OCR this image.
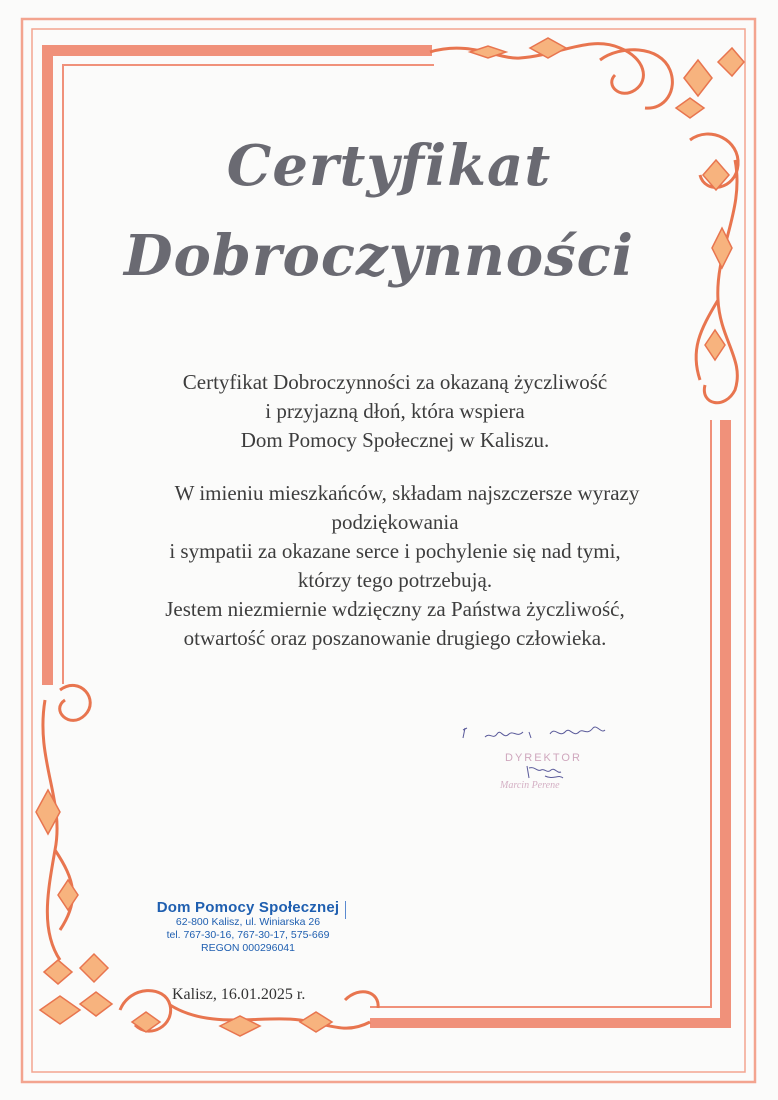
Certyfikat
Dobroczynności
Certyfikat Dobroczynności za okazaną życzliwość
i przyjazną dłoń, która wspiera
Dom Pomocy Społecznej w Kaliszu.
W imieniu mieszkańców, składam najszczersze wyrazy
podziękowania
i sympatii za okazane serce i pochylenie się nad tymi,
którzy tego potrzebują.
Jestem niezmiernie wdzięczny za Państwa życzliwość,
otwartość oraz poszanowanie drugiego człowieka.
DYREKTOR
Marcin Perene
Dom Pomocy Społecznej
62-800 Kalisz, ul. Winiarska 26
tel. 767-30-16, 767-30-17, 575-669
REGON 000296041
Kalisz, 16.01.2025 r.
